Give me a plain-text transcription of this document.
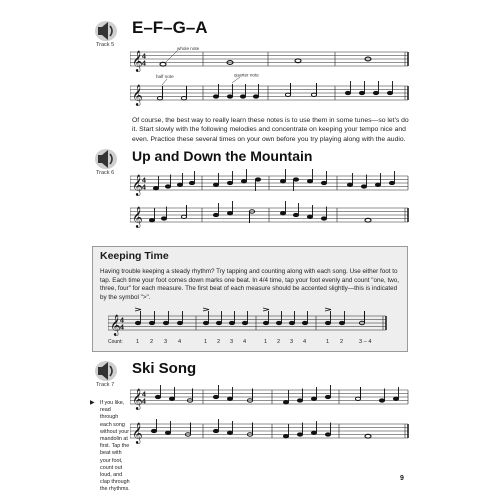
E–F–G–A
Track 5
𝄞 4
4
whole note
𝄞
half note	quarter note
Of course, the best way to really learn these notes is to use them in some tunes—so let's do it. Start slowly with the following melodies and concentrate on keeping your tempo nice and even. Practice these several times on your own before you try playing along with the audio.
Up and Down the Mountain
Track 6
𝄞 4
4
𝄞
Keeping Time
Having trouble keeping a steady rhythm? Try tapping and counting along with each song. Use either foot to tap. Each time your foot comes down marks one beat. In 4/4 time, tap your foot evenly and count "one, two, three, four" for each measure. The first beat of each measure should be accented slightly—this is indicated by the symbol ">".
𝄞 4
4
Count: 1 2 3 4	1 2 3 4	1 2 3 4	1 2	3 – 4
Ski Song
Track 7
▶ If you like, read through each song without your mandolin at first. Tap the beat with your foot, count out loud, and clap through the rhythms.
𝄞 4
4
𝄞
9
